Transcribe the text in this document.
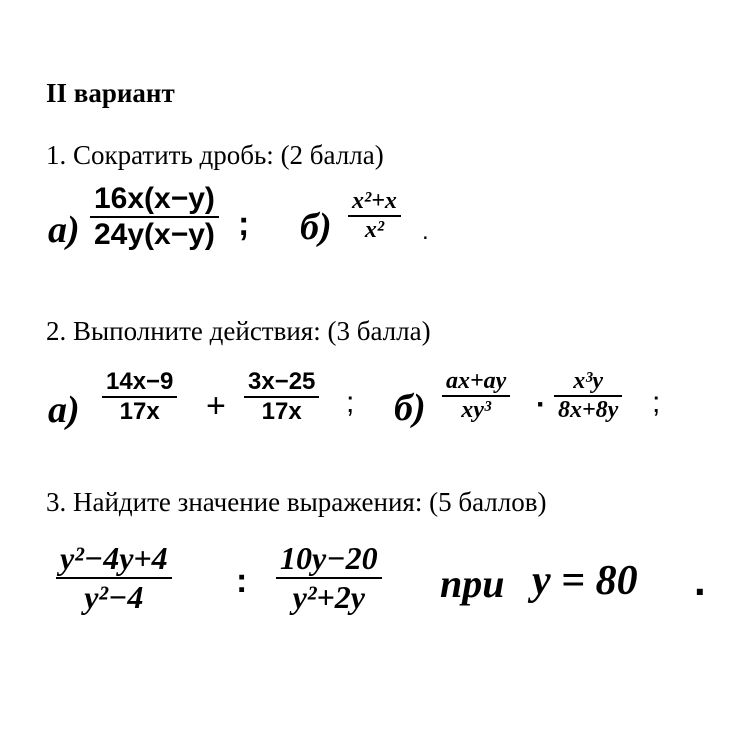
II вариант
1. Сократить дробь: (2 балла)
а)
16x(x−y)
24y(x−y) ; б)
x²+x
x² .
2. Выполните действия: (3 балла)
а)
14x−9
17x +
3x−25
17x ; б)
ax+ay
xy³ ·
x³y
8x+8y ;
3. Найдите значение выражения: (5 баллов)
y²−4y+4
y²−4	:
10y−20
y²+2y при y = 80 .
